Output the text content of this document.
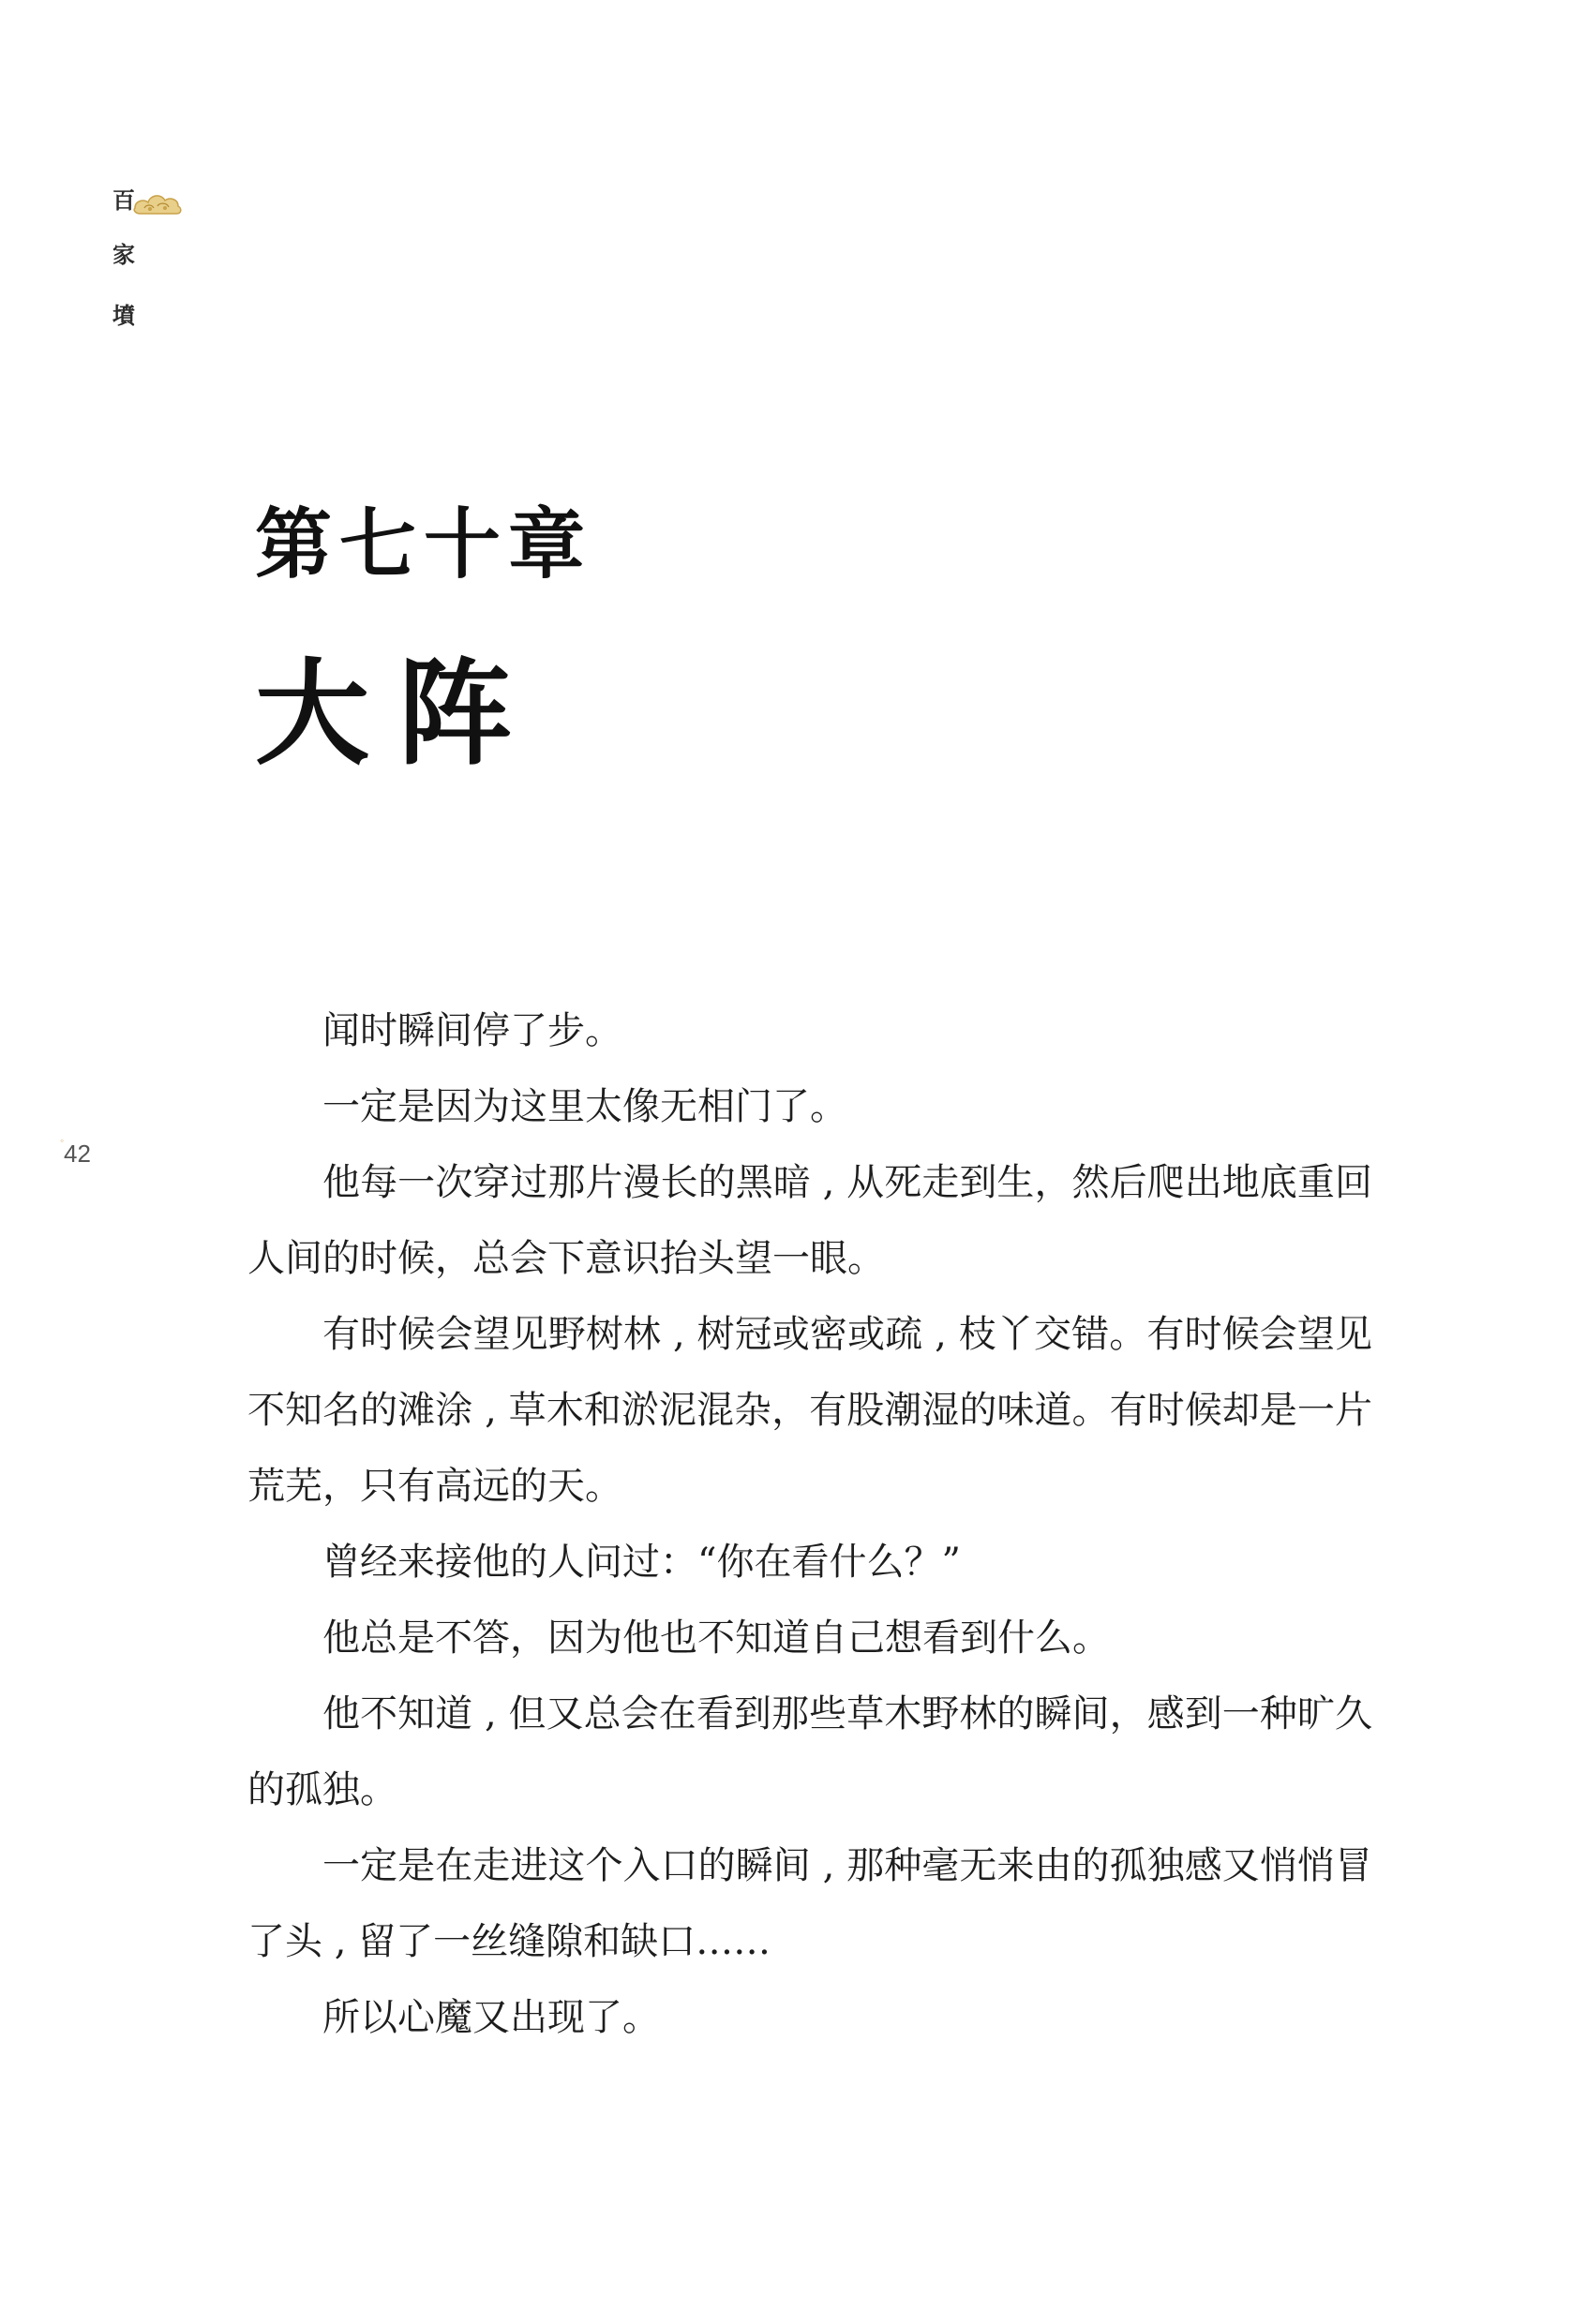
百
家
墳
◦ 42
第七十章
大阵

闻时瞬间停了步。

一定是因为这里太像无相门了。

他每一次穿过那片漫长的黑暗 , 从死走到生，然后爬出地底重回人间的时候，总会下意识抬头望一眼。

有时候会望见野树林 , 树冠或密或疏 , 枝丫交错。有时候会望见不知名的滩涂 , 草木和淤泥混杂，有股潮湿的味道。有时候却是一片荒芜，只有高远的天。

曾经来接他的人问过：“你在看什么？”

他总是不答，因为他也不知道自己想看到什么。

他不知道 , 但又总会在看到那些草木野林的瞬间，感到一种旷久的孤独。

一定是在走进这个入口的瞬间 , 那种毫无来由的孤独感又悄悄冒了头 , 留了一丝缝隙和缺口……

所以心魔又出现了。
